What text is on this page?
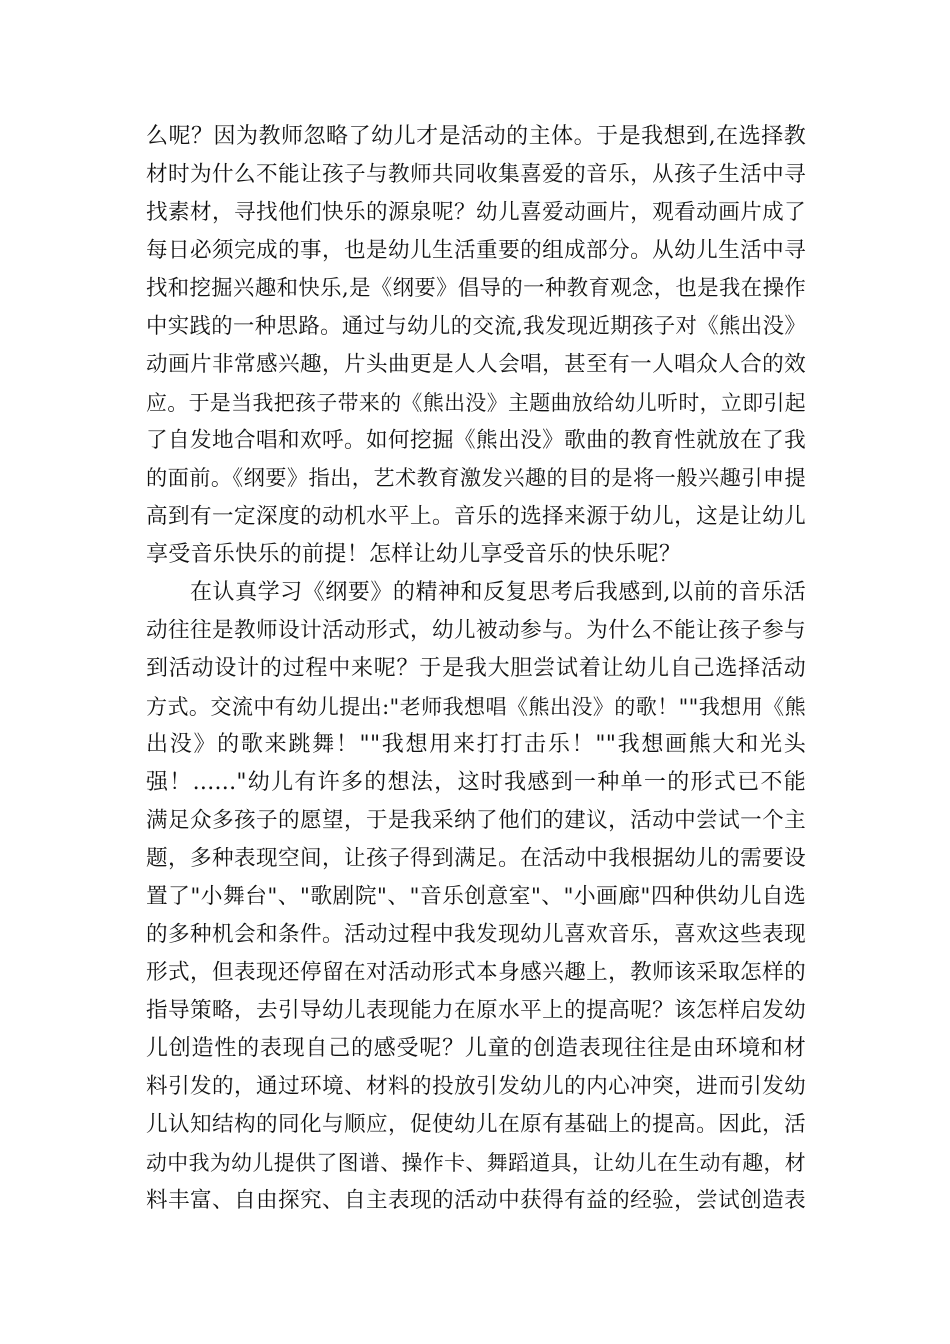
么呢？因为教师忽略了幼儿才是活动的主体。于是我想到,在选择教
材时为什么不能让孩子与教师共同收集喜爱的音乐，从孩子生活中寻
找素材，寻找他们快乐的源泉呢？幼儿喜爱动画片，观看动画片成了
每日必须完成的事，也是幼儿生活重要的组成部分。从幼儿生活中寻
找和挖掘兴趣和快乐,是《纲要》倡导的一种教育观念，也是我在操作
中实践的一种思路。通过与幼儿的交流,我发现近期孩子对《熊出没》
动画片非常感兴趣，片头曲更是人人会唱，甚至有一人唱众人合的效
应。于是当我把孩子带来的《熊出没》主题曲放给幼儿听时，立即引起
了自发地合唱和欢呼。如何挖掘《熊出没》歌曲的教育性就放在了我
的面前。《纲要》指出，艺术教育激发兴趣的目的是将一般兴趣引申提
高到有一定深度的动机水平上。音乐的选择来源于幼儿，这是让幼儿
享受音乐快乐的前提！怎样让幼儿享受音乐的快乐呢？
在认真学习《纲要》的精神和反复思考后我感到,以前的音乐活
动往往是教师设计活动形式，幼儿被动参与。为什么不能让孩子参与
到活动设计的过程中来呢？于是我大胆尝试着让幼儿自己选择活动
方式。交流中有幼儿提出:"老师我想唱《熊出没》的歌！""我想用《熊
出没》的歌来跳舞！""我想用来打打击乐！""我想画熊大和光头
强！......"幼儿有许多的想法，这时我感到一种单一的形式已不能
满足众多孩子的愿望，于是我采纳了他们的建议，活动中尝试一个主
题，多种表现空间，让孩子得到满足。在活动中我根据幼儿的需要设
置了"小舞台"、"歌剧院"、"音乐创意室"、"小画廊"四种供幼儿自选
的多种机会和条件。活动过程中我发现幼儿喜欢音乐，喜欢这些表现
形式，但表现还停留在对活动形式本身感兴趣上，教师该采取怎样的
指导策略，去引导幼儿表现能力在原水平上的提高呢？该怎样启发幼
儿创造性的表现自己的感受呢？儿童的创造表现往往是由环境和材
料引发的，通过环境、材料的投放引发幼儿的内心冲突，进而引发幼
儿认知结构的同化与顺应，促使幼儿在原有基础上的提高。因此，活
动中我为幼儿提供了图谱、操作卡、舞蹈道具，让幼儿在生动有趣，材
料丰富、自由探究、自主表现的活动中获得有益的经验，尝试创造表
